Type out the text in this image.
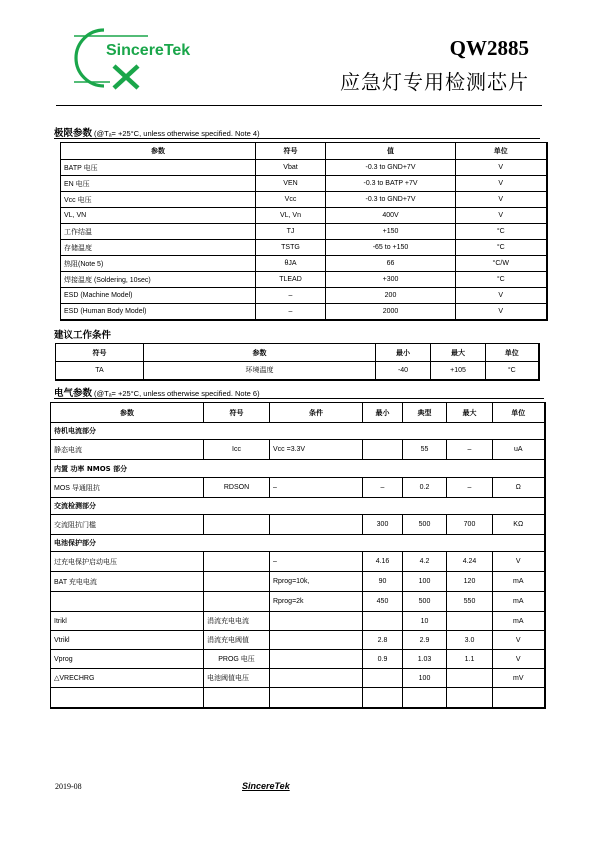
SincereTek	QW2885
应急灯专用检测芯片
极限参数 (@Tₐ= +25°C, unless otherwise specified. Note 4)
参数	符号	值	单位
BATP 电压	Vbat	-0.3 to GND+7V	V
EN 电压	VEN	-0.3 to BATP +7V	V
Vcc 电压	Vcc	-0.3 to GND+7V	V
VL, VN	VL, Vn	400V	V
工作结温	TJ	+150	°C
存储温度	TSTG	-65 to +150	°C
热阻(Note 5)	θJA	66	°C/W
焊接温度 (Soldering, 10sec)	TLEAD	+300	°C
ESD (Machine Model)	–	200	V
ESD (Human Body Model)	–	2000	V
建议工作条件
符号	参数	最小	最大	单位
TA	环境温度	-40	+105	°C
电气参数 (@Tₐ= +25°C, unless otherwise specified. Note 6)
参数	符号	条件	最小	典型	最大	单位
待机电流部分						
静态电流	Icc	Vcc =3.3V		55	–	uA
内置 功率 NMOS 部分						
MOS 导通阻抗	RDSON	–	–	0.2	–	Ω
交流检测部分						
交流阻抗门槛			300	500	700	KΩ
电池保护部分						
过充电保护启动电压		–	4.16	4.2	4.24	V
BAT 充电电流		Rprog=10k,	90	100	120	mA
		Rprog=2k	450	500	550	mA
Itrikl	涓流充电电流			10		mA
Vtrikl	涓流充电阈值		2.8	2.9	3.0	V
Vprog	PROG 电压		0.9	1.03	1.1	V
△VRECHRG	电池阈值电压			100		mV

2019-08	SincereTek
